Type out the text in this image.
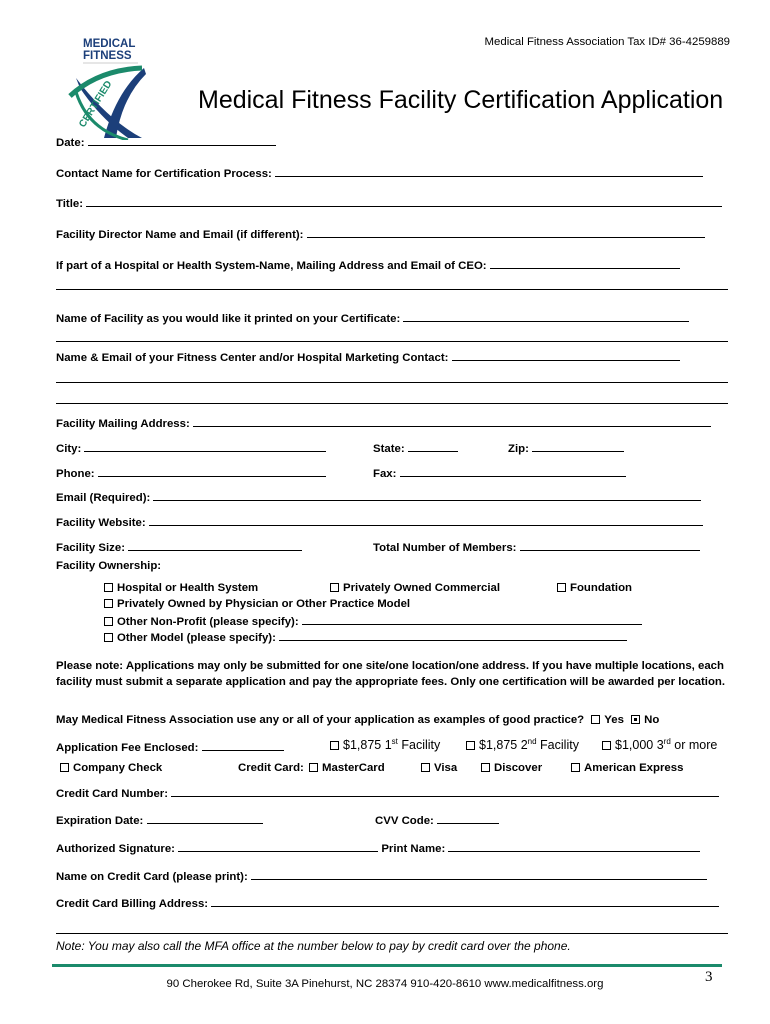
MEDICAL
FITNESS
CERTIFIED
Medical Fitness Association Tax ID# 36-4259889
Medical Fitness Facility Certification Application
Date:
Contact Name for Certification Process:
Title:
Facility Director Name and Email (if different):
If part of a Hospital or Health System-Name, Mailing Address and Email of CEO:
Name of Facility as you would like it printed on your Certificate:
Name & Email of your Fitness Center and/or Hospital Marketing Contact:
Facility Mailing Address:
City:	State:	Zip:
Phone:	Fax:
Email (Required):
Facility Website:
Facility Size:	Total Number of Members:
Facility Ownership:
Hospital or Health System	Privately Owned Commercial	Foundation
Privately Owned by Physician or Other Practice Model
Other Non-Profit (please specify):
Other Model (please specify):
Please note: Applications may only be submitted for one site/one location/one address. If you have multiple locations, each facility must submit a separate application and pay the appropriate fees. Only one certification will be awarded per location.
May Medical Fitness Association use any or all of your application as examples of good practice? Yes No
Application Fee Enclosed:	$1,875 1st Facility	$1,875 2nd Facility	$1,000 3rd or more
Company Check	Credit Card: MasterCard	Visa	Discover	American Express
Credit Card Number:
Expiration Date:	CVV Code:
Authorized Signature:	Print Name:
Name on Credit Card (please print):
Credit Card Billing Address:
Note: You may also call the MFA office at the number below to pay by credit card over the phone.
90 Cherokee Rd, Suite 3A Pinehurst, NC 28374 910-420-8610 www.medicalfitness.org	3
